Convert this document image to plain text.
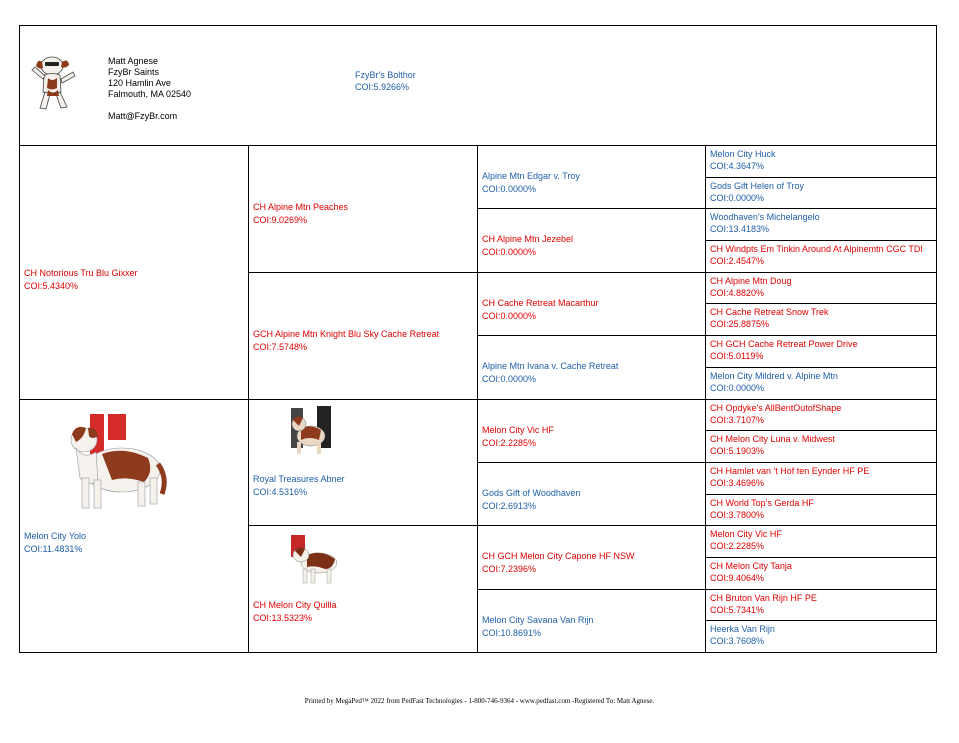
Matt Agnese
FzyBr Saints
120 Hamlin Ave
Falmouth, MA 02540
Matt@FzyBr.com
FzyBr's Bolthor
COI:5.9266%
CH Notorious Tru Blu Gixxer
COI:5.4340%
Melon City Yolo
COI:11.4831%
CH Alpine Mtn Peaches
COI:9.0269%
GCH Alpine Mtn Knight Blu Sky Cache Retreat
COI:7.5748%
Royal Treasures Abner
COI:4.5316%
CH Melon City Quilla
COI:13.5323%
Alpine Mtn Edgar v. Troy
COI:0.0000%
CH Alpine Mtn Jezebel
COI:0.0000%
CH Cache Retreat Macarthur
COI:0.0000%
Alpine Mtn Ivana v. Cache Retreat
COI:0.0000%
Melon City Vic HF
COI:2.2285%
Gods Gift of Woodhaven
COI:2.6913%
CH GCH Melon City Capone HF NSW
COI:7.2396%
Melon City Savana Van Rijn
COI:10.8691%
Melon City Huck
COI:4.3647%
Gods Gift Helen of Troy
COI:0.0000%
Woodhaven's Michelangelo
COI:13.4183%
CH Windpts Em Tinkin Around At Alpinemtn CGC TDI
COI:2.4547%
CH Alpine Mtn Doug
COI:4.8820%
CH Cache Retreat Snow Trek
COI:25.8875%
CH GCH Cache Retreat Power Drive
COI:5.0119%
Melon City Mildred v. Alpine Mtn
COI:0.0000%
CH Opdyke's AllBentOutofShape
COI:3.7107%
CH Melon City Luna v. Midwest
COI:5.1903%
CH Hamlet van 't Hof ten Eynder HF PE
COI:3.4696%
CH World Top's Gerda HF
COI:3.7800%
Melon City Vic HF
COI:2.2285%
CH Melon City Tanja
COI:9.4064%
CH Bruton Van Rijn HF PE
COI:5.7341%
Heerka Van Rijn
COI:3.7608%
Printed by MegaPed™ 2022 from PedFast Technologies - 1-800-746-9364 - www.pedfast.com -Registered To: Matt Agnese.
